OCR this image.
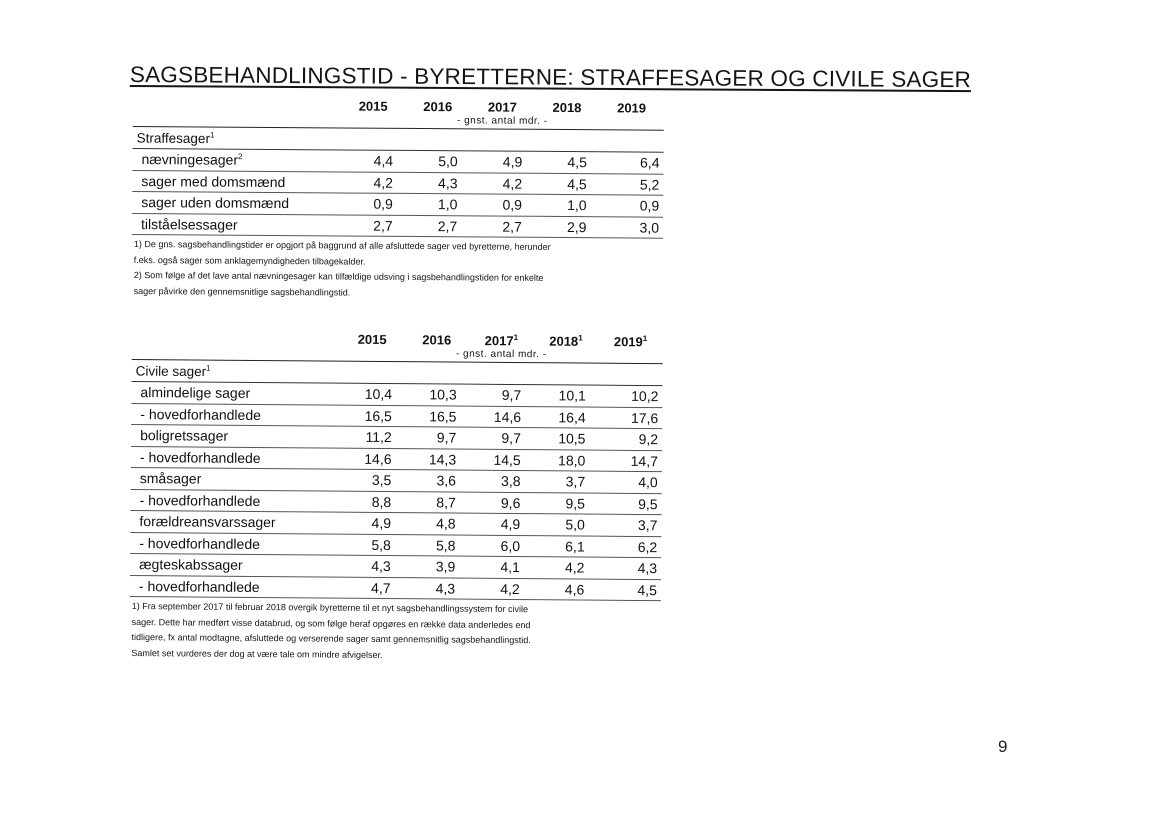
SAGSBEHANDLINGSTID - BYRETTERNE: STRAFFESAGER OG CIVILE SAGER
	2015	2016	2017	2018	2019
	- gnst. antal mdr. -				
Straffesager$^1$
nævningesager$^2$	4,4	5,0	4,9	4,5	6,4
sager med domsmænd	4,2	4,3	4,2	4,5	5,2
sager uden domsmænd	0,9	1,0	0,9	1,0	0,9
tilståelsessager	2,7	2,7	2,7	2,9	3,0

1) De gns. sagsbehandlingstider er opgjort på baggrund af alle afsluttede sager ved byretterne, herunder

f.eks. også sager som anklagemyndigheden tilbagekalder.

2) Som følge af det lave antal nævningesager kan tilfældige udsving i sagsbehandlingstiden for enkelte

sager påvirke den gennemsnitlige sagsbehandlingstid.

	2015	2016	2017$^1$	2018$^1$	2019$^1$
	- gnst. antal mdr. -				
Civile sager$^1$
almindelige sager	10,4	10,3	9,7	10,1	10,2
- hovedforhandlede	16,5	16,5	14,6	16,4	17,6
boligretssager	11,2	9,7	9,7	10,5	9,2
- hovedforhandlede	14,6	14,3	14,5	18,0	14,7
småsager	3,5	3,6	3,8	3,7	4,0
- hovedforhandlede	8,8	8,7	9,6	9,5	9,5
forældreansvarssager	4,9	4,8	4,9	5,0	3,7
- hovedforhandlede	5,8	5,8	6,0	6,1	6,2
ægteskabssager	4,3	3,9	4,1	4,2	4,3
- hovedforhandlede	4,7	4,3	4,2	4,6	4,5

1) Fra september 2017 til februar 2018 overgik byretterne til et nyt sagsbehandlingssystem for civile

sager. Dette har medført visse databrud, og som følge heraf opgøres en række data anderledes end

tidligere, fx antal modtagne, afsluttede og verserende sager samt gennemsnitlig sagsbehandlingstid.

Samlet set vurderes der dog at være tale om mindre afvigelser.

9
